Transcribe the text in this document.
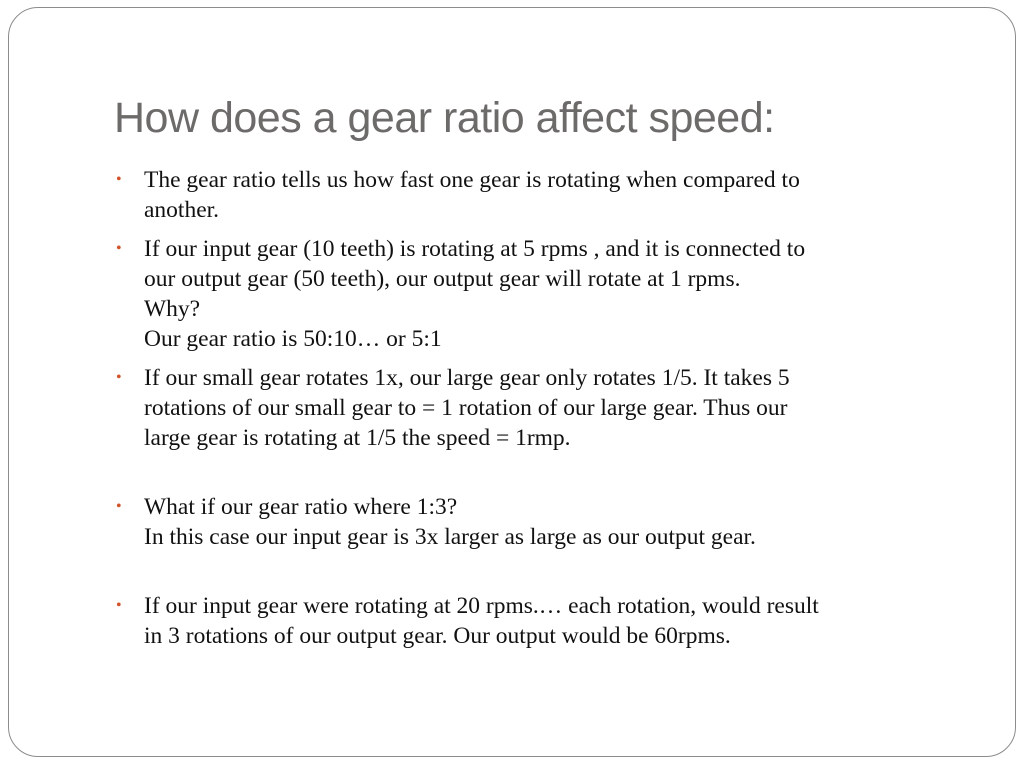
How does a gear ratio affect speed:
• The gear ratio tells us how fast one gear is rotating when compared to
another.
• If our input gear (10 teeth) is rotating at 5 rpms , and it is connected to
our output gear (50 teeth), our output gear will rotate at 1 rpms.
Why?
Our gear ratio is 50:10… or 5:1
• If our small gear rotates 1x, our large gear only rotates 1/5. It takes 5
rotations of our small gear to = 1 rotation of our large gear. Thus our
large gear is rotating at 1/5 the speed = 1rmp.
• What if our gear ratio where 1:3?
In this case our input gear is 3x larger as large as our output gear.
• If our input gear were rotating at 20 rpms.… each rotation, would result
in 3 rotations of our output gear. Our output would be 60rpms.
